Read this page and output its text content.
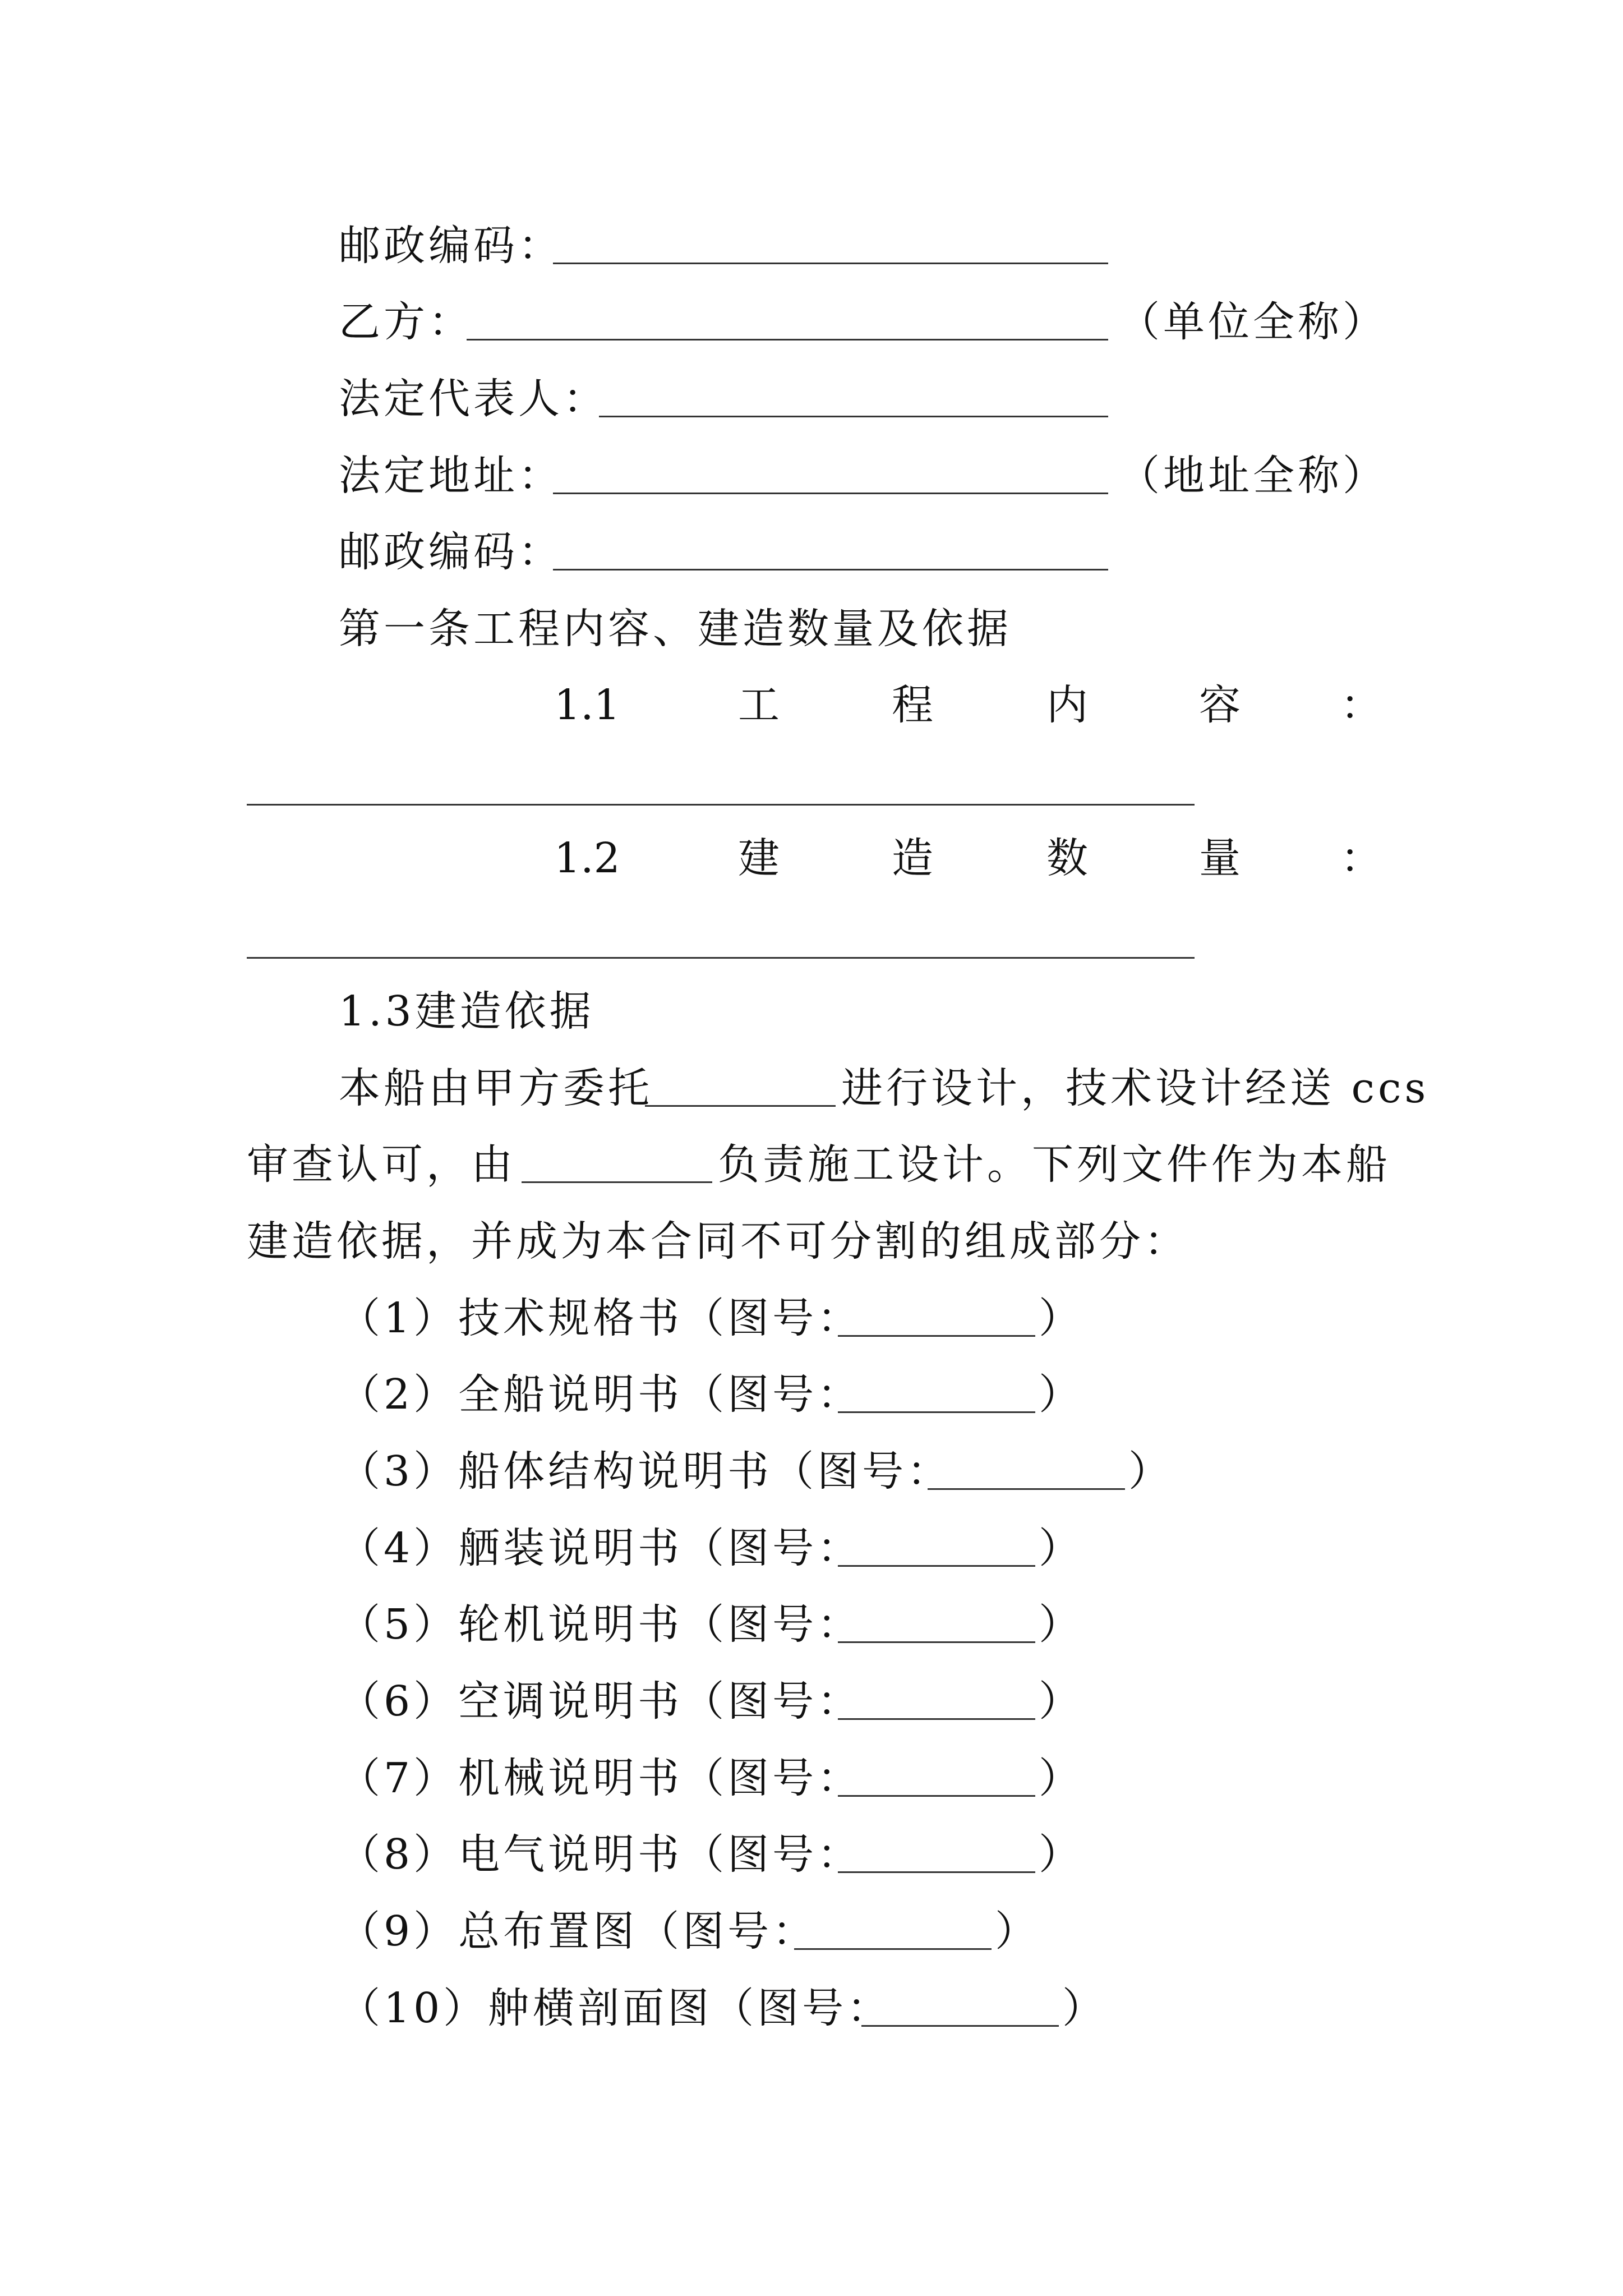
邮政编码：
乙方：	（单位全称）
法定代表人：
法定地址：	（地址全称）
邮政编码：
第一条工程内容、建造数量及依据
1.1	工	程	内	容 ：
1.2	建	造	数	量 ：
1.3建造依据
本船由甲方委托	进行设计，技术设计经送 ccs
审查认可，由	负责施工设计。下列文件作为本船
建造依据，并成为本合同不可分割的组成部分：
（1）技术规格书（图号：	）
（2）全船说明书（图号：	）
（3）船体结构说明书（图号：	）
（4）舾装说明书（图号：	）
（5）轮机说明书（图号：	）
（6）空调说明书（图号：	）
（7）机械说明书（图号：	）
（8）电气说明书（图号：	）
（9）总布置图（图号：	）
（10）舯横剖面图（图号：	）
